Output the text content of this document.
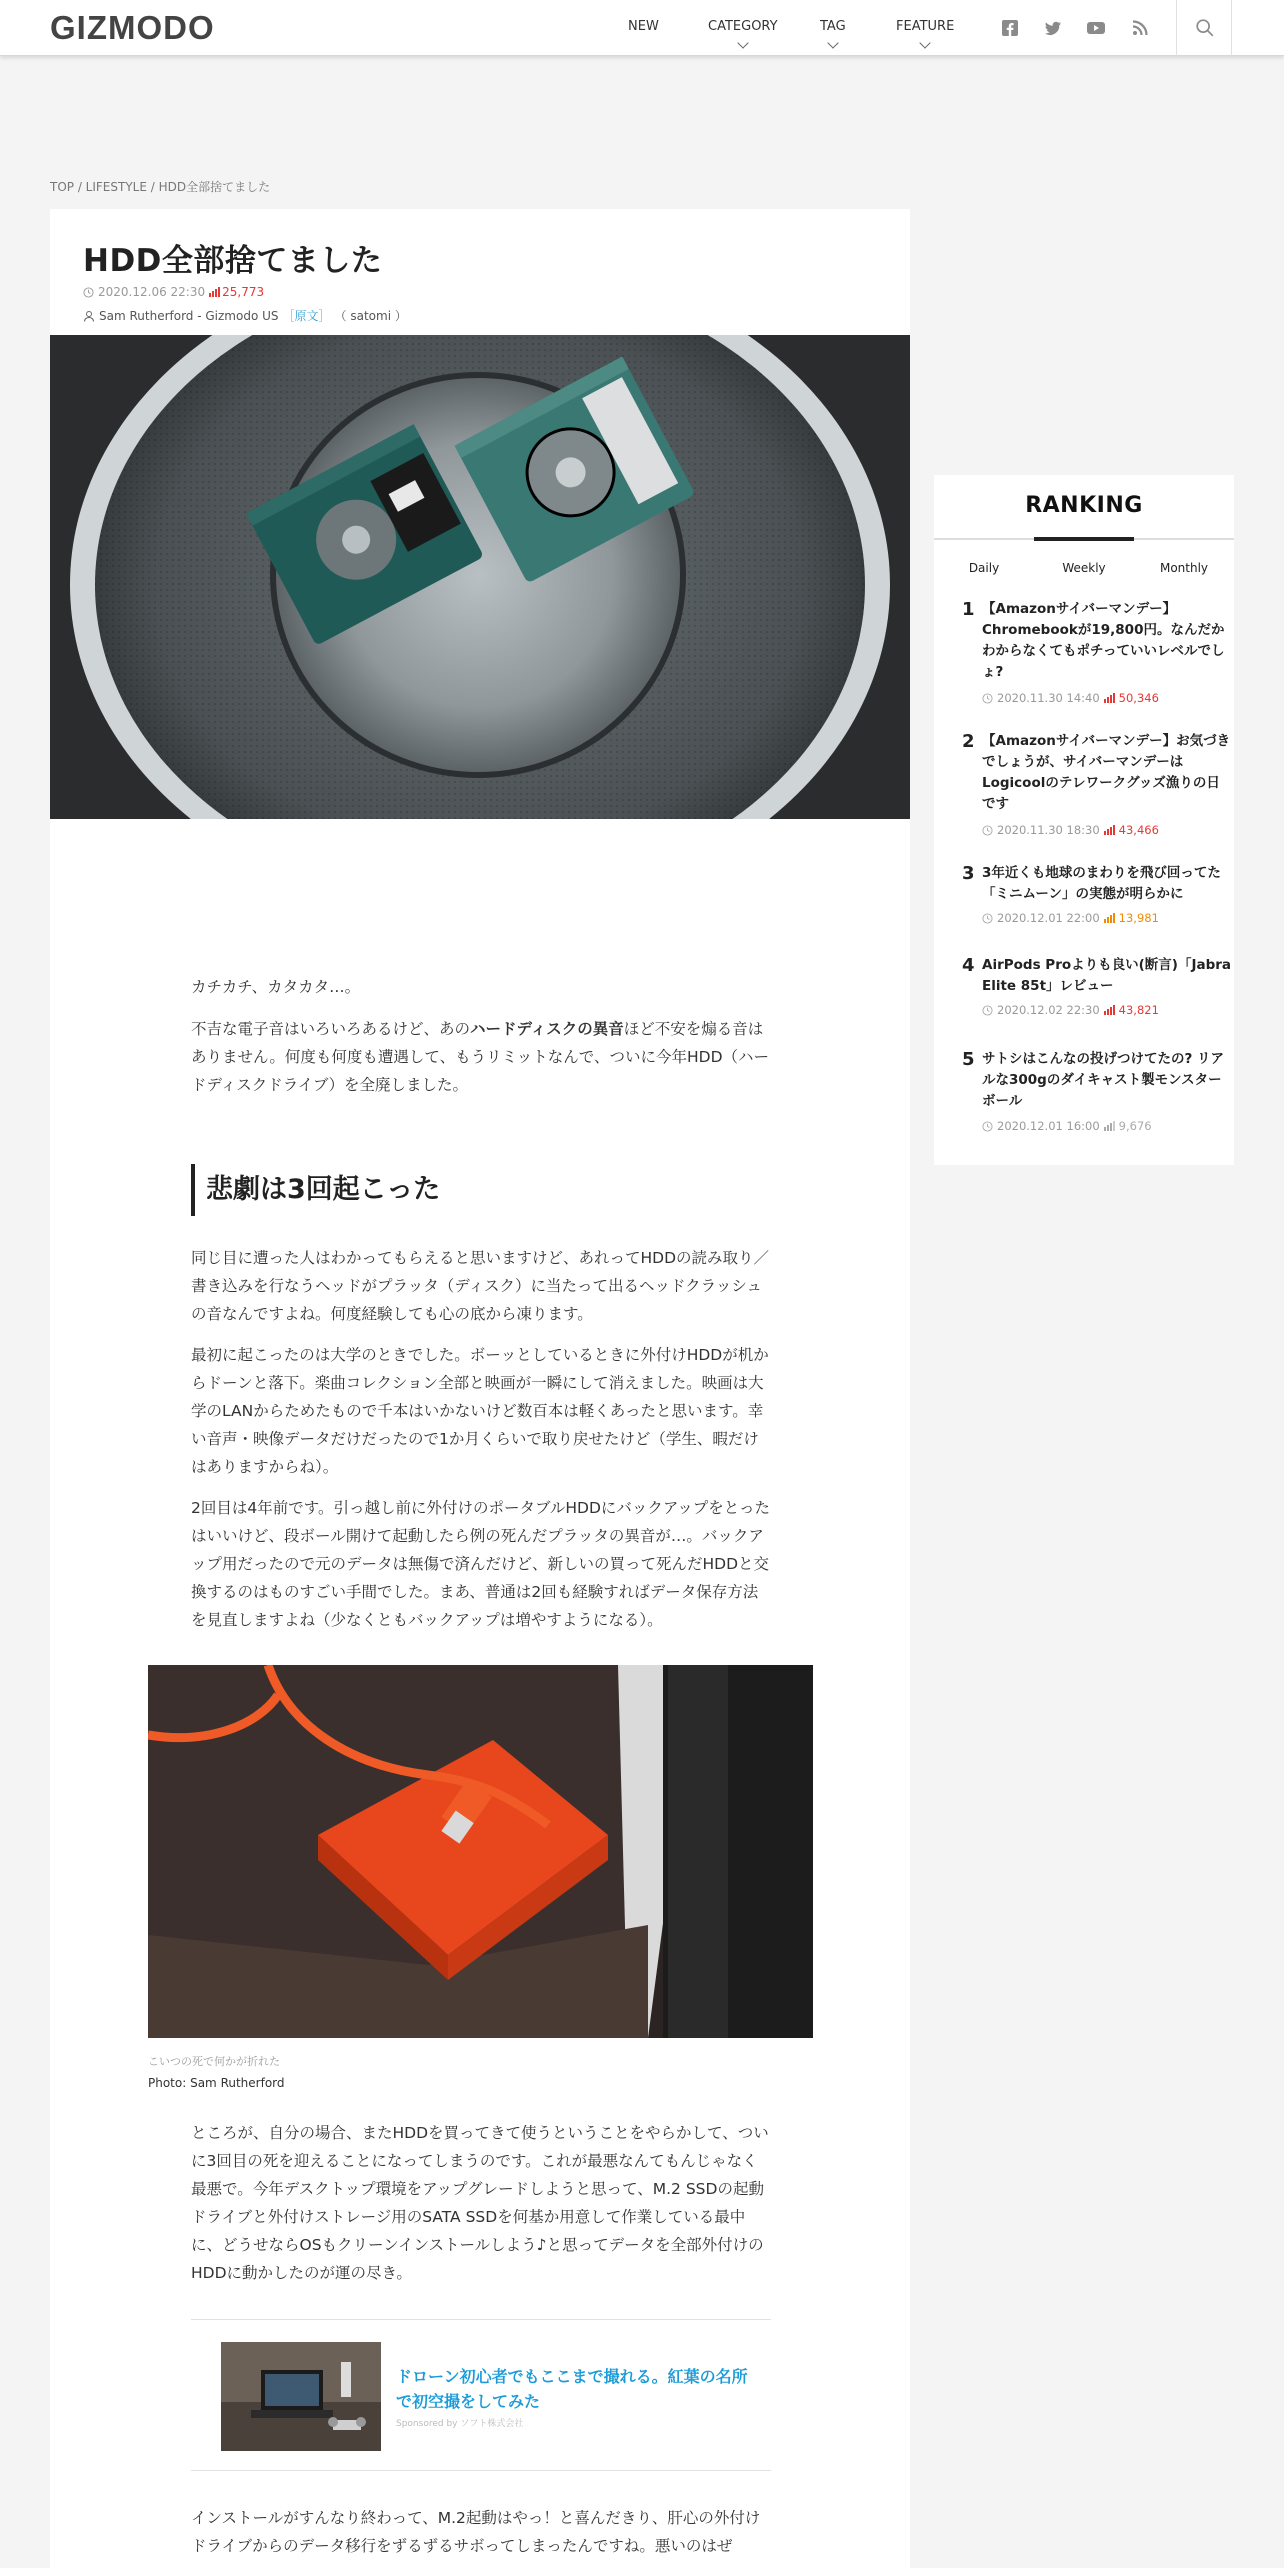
GIZMODO	NEW	CATEGORY	TAG	FEATURE
TOP / LIFESTYLE / HDD全部捨てました
HDD全部捨てました
2020.12.06 22:30 25,773
Sam Rutherford - Gizmodo US ［原文］ （ satomi ）

カチカチ、カタカタ…。

不吉な電子音はいろいろあるけど、あのハードディスクの異音ほど不安を煽る音はありません。何度も何度も遭遇して、もうリミットなんで、ついに今年HDD（ハードディスクドライブ）を全廃しました。

悲劇は3回起こった

同じ目に遭った人はわかってもらえると思いますけど、あれってHDDの読み取り／書き込みを行なうヘッドがプラッタ（ディスク）に当たって出るヘッドクラッシュの音なんですよね。何度経験しても心の底から凍ります。

最初に起こったのは大学のときでした。ボーッとしているときに外付けHDDが机からドーンと落下。楽曲コレクション全部と映画が一瞬にして消えました。映画は大学のLANからためたもので千本はいかないけど数百本は軽くあったと思います。幸い音声・映像データだけだったので1か月くらいで取り戻せたけど（学生、暇だけはありますからね）。

2回目は4年前です。引っ越し前に外付けのポータブルHDDにバックアップをとったはいいけど、段ボール開けて起動したら例の死んだプラッタの異音が…。バックアップ用だったので元のデータは無傷で済んだけど、新しいの買って死んだHDDと交換するのはものすごい手間でした。まあ、普通は2回も経験すればデータ保存方法を見直しますよね（少なくともバックアップは増やすようになる）。

こいつの死で何かが折れた
Photo: Sam Rutherford

ところが、自分の場合、またHDDを買ってきて使うということをやらかして、ついに3回目の死を迎えることになってしまうのです。これが最悪なんてもんじゃなく最悪で。今年デスクトップ環境をアップグレードしようと思って、M.2 SSDの起動ドライブと外付けストレージ用のSATA SSDを何基か用意して作業している最中に、どうせならOSもクリーンインストールしよう♪と思ってデータを全部外付けのHDDに動かしたのが運の尽き。

ドローン初心者でもここまで撮れる。紅葉の名所で初空撮をしてみた
Sponsored by ソフト株式会社

インストールがすんなり終わって、M.2起動はやっ！と喜んだきり、肝心の外付けドライブからのデータ移行をずるずるサボってしまったんですね。悪いのはぜ

RANKING
Daily	Weekly	Monthly
1 【Amazonサイバーマンデー】Chromebookが19,800円。なんだかわからなくてもポチっていいレベルでしょ?
2020.11.30 14:40 50,346
2 【Amazonサイバーマンデー】お気づきでしょうが、サイバーマンデーはLogicoolのテレワークグッズ漁りの日です
2020.11.30 18:30 43,466
3 3年近くも地球のまわりを飛び回ってた「ミニムーン」の実態が明らかに
2020.12.01 22:00 13,981
4 AirPods Proよりも良い(断言)「Jabra Elite 85t」レビュー
2020.12.02 22:30 43,821
5 サトシはこんなの投げつけてたの? リアルな300gのダイキャスト製モンスターボール
2020.12.01 16:00 9,676
